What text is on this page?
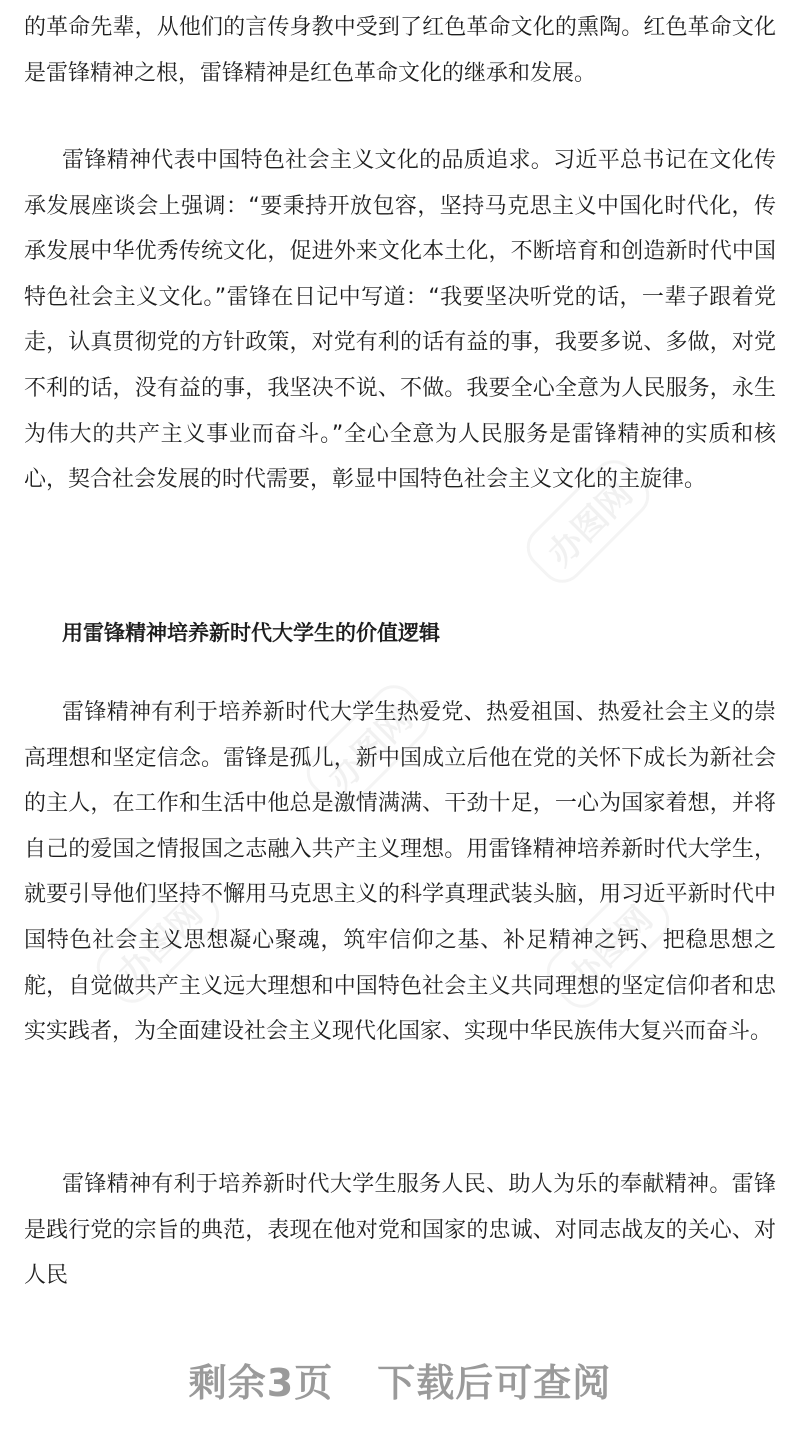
的革命先辈，从他们的言传身教中受到了红色革命文化的熏陶。红色革命文化是雷锋精神之根，雷锋精神是红色革命文化的继承和发展。

雷锋精神代表中国特色社会主义文化的品质追求。习近平总书记在文化传承发展座谈会上强调：“要秉持开放包容，坚持马克思主义中国化时代化，传承发展中华优秀传统文化，促进外来文化本土化，不断培育和创造新时代中国特色社会主义文化。”雷锋在日记中写道：“我要坚决听党的话，一辈子跟着党走，认真贯彻党的方针政策，对党有利的话有益的事，我要多说、多做，对党不利的话，没有益的事，我坚决不说、不做。我要全心全意为人民服务，永生为伟大的共产主义事业而奋斗。”全心全意为人民服务是雷锋精神的实质和核心，契合社会发展的时代需要，彰显中国特色社会主义文化的主旋律。

用雷锋精神培养新时代大学生的价值逻辑

雷锋精神有利于培养新时代大学生热爱党、热爱祖国、热爱社会主义的崇高理想和坚定信念。雷锋是孤儿，新中国成立后他在党的关怀下成长为新社会的主人，在工作和生活中他总是激情满满、干劲十足，一心为国家着想，并将自己的爱国之情报国之志融入共产主义理想。用雷锋精神培养新时代大学生，就要引导他们坚持不懈用马克思主义的科学真理武装头脑，用习近平新时代中国特色社会主义思想凝心聚魂，筑牢信仰之基、补足精神之钙、把稳思想之舵，自觉做共产主义远大理想和中国特色社会主义共同理想的坚定信仰者和忠实实践者，为全面建设社会主义现代化国家、实现中华民族伟大复兴而奋斗。

雷锋精神有利于培养新时代大学生服务人民、助人为乐的奉献精神。雷锋是践行党的宗旨的典范，表现在他对党和国家的忠诚、对同志战友的关心、对人民

办图网
办图网
办图网	办图网
剩余3页 下载后可查阅
